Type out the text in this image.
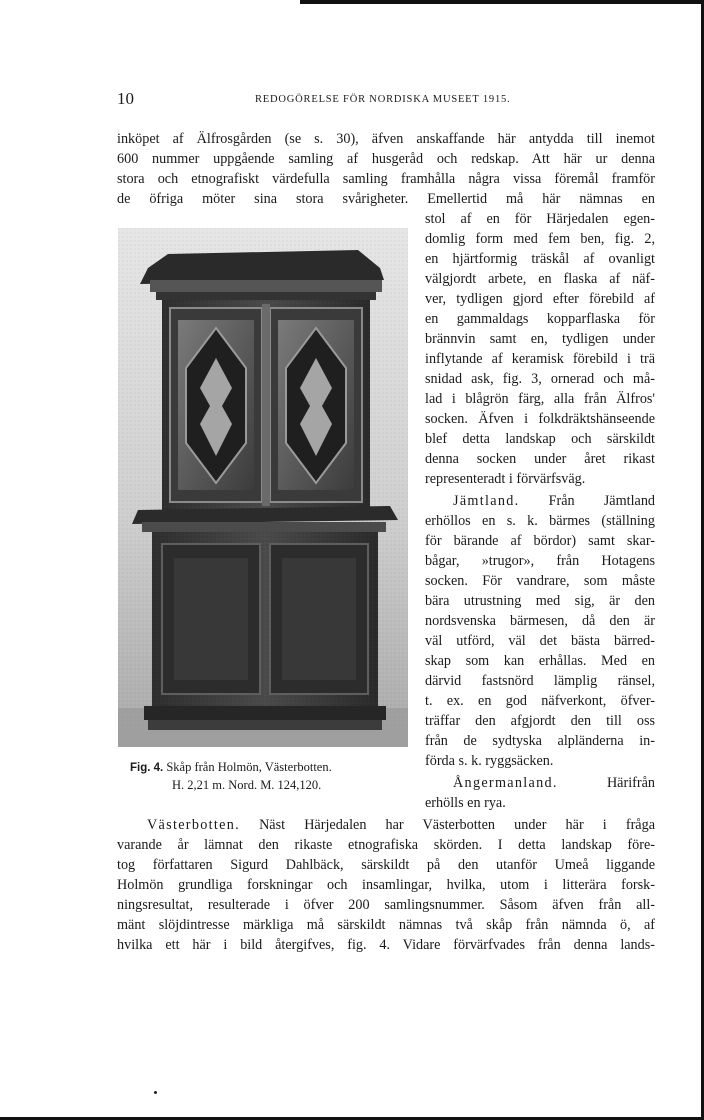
10	REDOGÖRELSE FÖR NORDISKA MUSEET 1915.
inköpet af Älfrosgården (se s. 30), äfven anskaffande här antydda till inemot
600 nummer uppgående samling af husgeråd och redskap. Att här ur denna
stora och etnografiskt värdefulla samling framhålla några vissa föremål framför
de öfriga möter sina stora svårigheter. Emellertid må här nämnas en
stol af en för Härjedalen egen-
domlig form med fem ben, fig. 2,
en hjärtformig träskål af ovanligt
välgjordt arbete, en flaska af näf-
ver, tydligen gjord efter förebild af
en gammaldags kopparflaska för
brännvin samt en, tydligen under
inflytande af keramisk förebild i trä
snidad ask, fig. 3, ornerad och må-
lad i blågrön färg, alla från Älfros'
socken. Äfven i folkdräktshänseende
blef detta landskap och särskildt
denna socken under året rikast
representeradt i förvärfsväg.
Jämtland. Från Jämtland
erhöllos en s. k. bärmes (ställning
för bärande af bördor) samt skar-
bågar, »trugor», från Hotagens
socken. För vandrare, som måste
bära utrustning med sig, är den
nordsvenska bärmesen, då den är
väl utförd, väl det bästa bärred-
skap som kan erhållas. Med en
därvid fastsnörd lämplig ränsel,
t. ex. en god näfverkont, öfver-
träffar den afgjordt den till oss
från de sydtyska alpländerna in-
förda s. k. ryggsäcken.
Ångermanland.	Härifrån
erhölls en rya.
Västerbotten. Näst Härjedalen har Västerbotten under här i fråga
varande år lämnat den rikaste etnografiska skörden. I detta landskap före-
tog författaren Sigurd Dahlbäck, särskildt på den utanför Umeå liggande
Holmön grundliga forskningar och insamlingar, hvilka, utom i litterära forsk-
ningsresultat, resulterade i öfver 200 samlingsnummer. Såsom äfven från all-
mänt slöjdintresse märkliga må särskildt nämnas två skåp från nämnda ö, af
hvilka ett här i bild återgifves, fig. 4. Vidare förvärfvades från denna lands-
Fig. 4. Skåp från Holmön, Västerbotten.
H. 2,21 m. Nord. M. 124,120.
